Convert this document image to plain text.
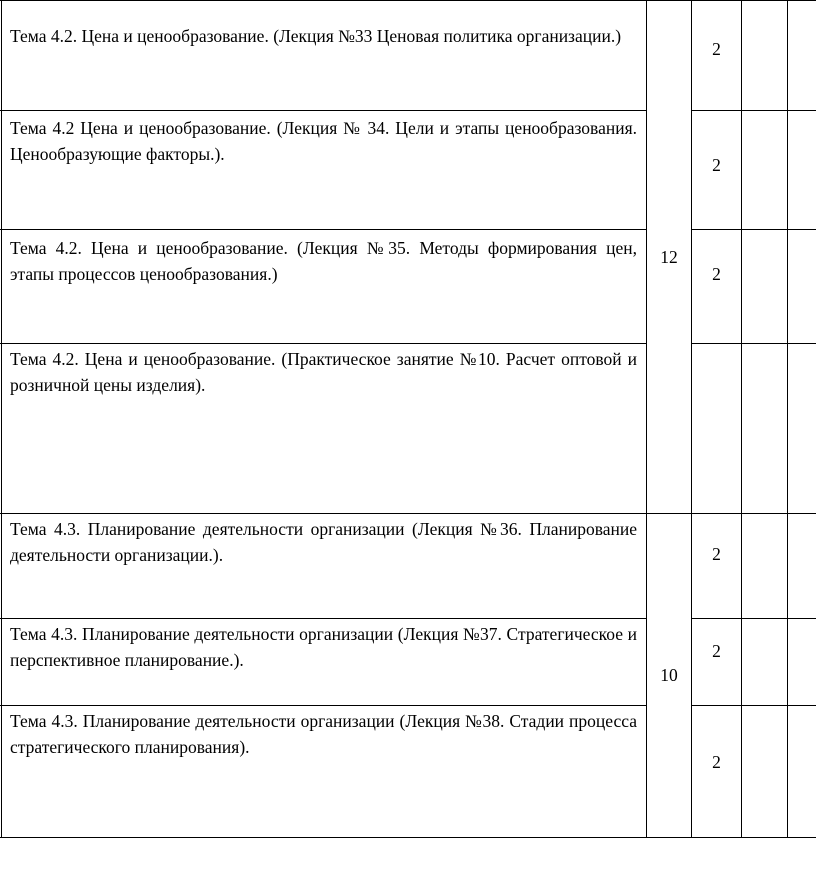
	Тема 4.2. Цена и ценообразование. (Лекция №33 Ценовая политика организации.)	12	2		
	Тема 4.2 Цена и ценообразование. (Лекция № 34. Цели и этапы ценообразования. Ценообразующие факторы.).		2		
	Тема 4.2. Цена и ценообразование. (Лекция №35. Методы формирования цен, этапы процессов ценообразования.)		2		
	Тема 4.2. Цена и ценообразование. (Практическое занятие №10. Расчет оптовой и розничной цены изделия).				
	Тема 4.3. Планирование деятельности организации (Лекция №36. Планирование деятельности организации.).	10	2		
	Тема 4.3. Планирование деятельности организации (Лекция №37. Стратегическое и перспективное планирование.).		2		
	Тема 4.3. Планирование деятельности организации (Лекция №38. Стадии процесса стратегического планирования).		2		
